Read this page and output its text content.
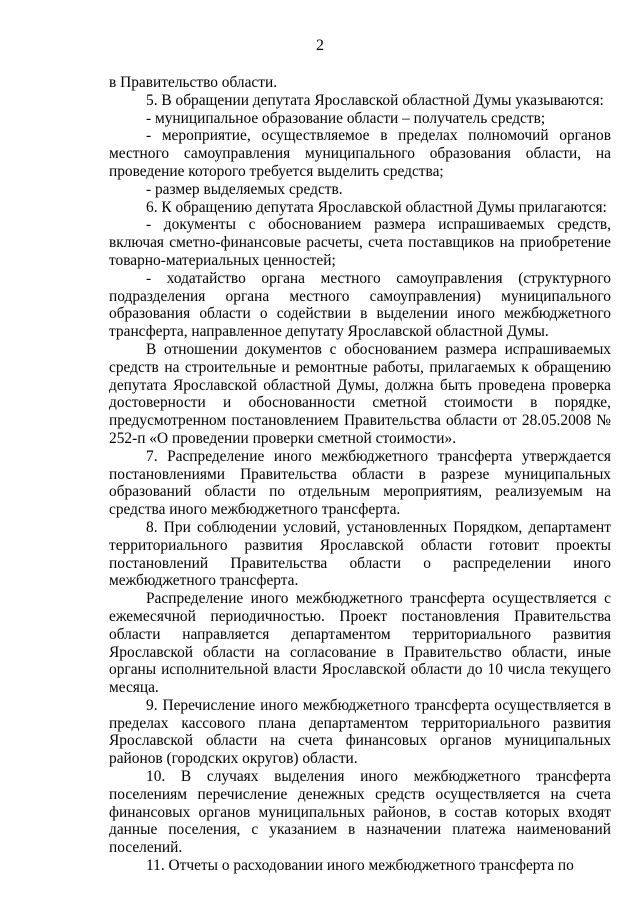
2

в Правительство области.

5. В обращении депутата Ярославской областной Думы указываются:

- муниципальное образование области – получатель средств;

- мероприятие, осуществляемое в пределах полномочий органов местного самоуправления муниципального образования области, на проведение которого требуется выделить средства;

- размер выделяемых средств.

6. К обращению депутата Ярославской областной Думы прилагаются:

- документы с обоснованием размера испрашиваемых средств, включая сметно-финансовые расчеты, счета поставщиков на приобретение товарно-материальных ценностей;

- ходатайство органа местного самоуправления (структурного подразделения органа местного самоуправления) муниципального образования области о содействии в выделении иного межбюджетного трансферта, направленное депутату Ярославской областной Думы.

В отношении документов с обоснованием размера испрашиваемых средств на строительные и ремонтные работы, прилагаемых к обращению депутата Ярославской областной Думы, должна быть проведена проверка достоверности и обоснованности сметной стоимости в порядке, предусмотренном постановлением Правительства области от 28.05.2008 № 252-п «О проведении проверки сметной стоимости».

7. Распределение иного межбюджетного трансферта утверждается постановлениями Правительства области в разрезе муниципальных образований области по отдельным мероприятиям, реализуемым на средства иного межбюджетного трансферта.

8. При соблюдении условий, установленных Порядком, департамент территориального развития Ярославской области готовит проекты постановлений Правительства области о распределении иного межбюджетного трансферта.

Распределение иного межбюджетного трансферта осуществляется с ежемесячной периодичностью. Проект постановления Правительства области направляется департаментом территориального развития Ярославской области на согласование в Правительство области, иные органы исполнительной власти Ярославской области до 10 числа текущего месяца.

9. Перечисление иного межбюджетного трансферта осуществляется в пределах кассового плана департаментом территориального развития Ярославской области на счета финансовых органов муниципальных районов (городских округов) области.

10. В случаях выделения иного межбюджетного трансферта поселениям перечисление денежных средств осуществляется на счета финансовых органов муниципальных районов, в состав которых входят данные поселения, с указанием в назначении платежа наименований поселений.

11. Отчеты о расходовании иного межбюджетного трансферта по
